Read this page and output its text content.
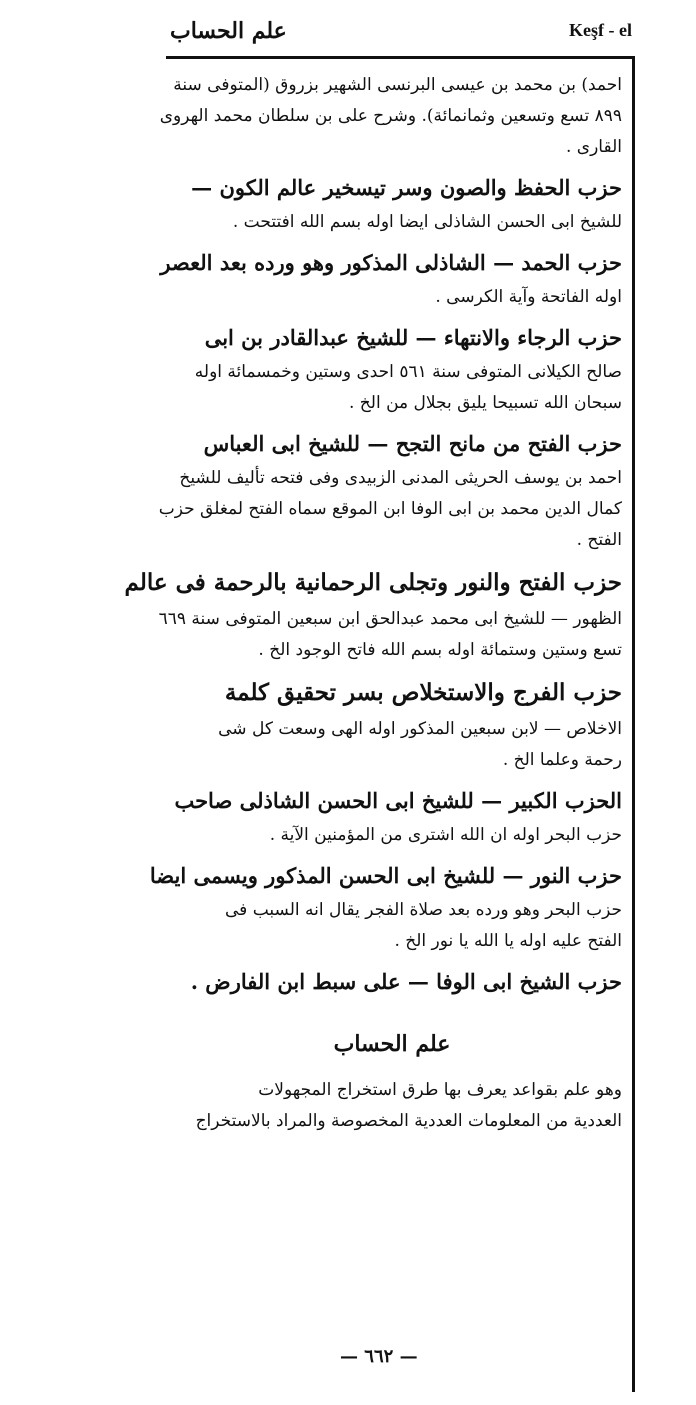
علم الحساب	Keşf - el
احمد) بن محمد بن عيسى البرنسى الشهير بزروق (المتوفى سنة
٨٩٩ تسع وتسعين وثمانمائة). وشرح على بن سلطان محمد الهروى
القارى .
حزب الحفظ والصون وسر تيسخير عالم الكون —
للشيخ ابى الحسن الشاذلى ايضا اوله بسم الله افتتحت .
حزب الحمد — الشاذلى المذكور وهو ورده بعد العصر
اوله الفاتحة وآية الكرسى .
حزب الرجاء والانتهاء — للشيخ عبدالقادر بن ابى
صالح الكيلانى المتوفى سنة ٥٦١ احدى وستين وخمسمائة اوله
سبحان الله تسبيحا يليق بجلال من الخ .
حزب الفتح من مانح التجح — للشيخ ابى العباس
احمد بن يوسف الحريثى المدنى الزبيدى وفى فتحه تأليف للشيخ
كمال الدين محمد بن ابى الوفا ابن الموقع سماه الفتح لمغلق حزب
الفتح .
حزب الفتح والنور وتجلى الرحمانية بالرحمة فى عالم
الظهور — للشيخ ابى محمد عبدالحق ابن سبعين المتوفى سنة ٦٦٩
تسع وستين وستمائة اوله بسم الله فاتح الوجود الخ .
حزب الفرج والاستخلاص بسر تحقيق كلمة
الاخلاص — لابن سبعين المذكور اوله الهى وسعت كل شى
رحمة وعلما الخ .
الحزب الكبير — للشيخ ابى الحسن الشاذلى صاحب
حزب البحر اوله ان الله اشترى من المؤمنين الآية .
حزب النور — للشيخ ابى الحسن المذكور ويسمى ايضا
حزب البحر وهو ورده بعد صلاة الفجر يقال انه السبب فى
الفتح عليه اوله يا الله يا نور الخ .
حزب الشيخ ابى الوفا — على سبط ابن الفارض .
علم الحساب
وهو علم بقواعد يعرف بها طرق استخراج المجهولات
العددية من المعلومات العددية المخصوصة والمراد بالاستخراج
— ٦٦٢ —
